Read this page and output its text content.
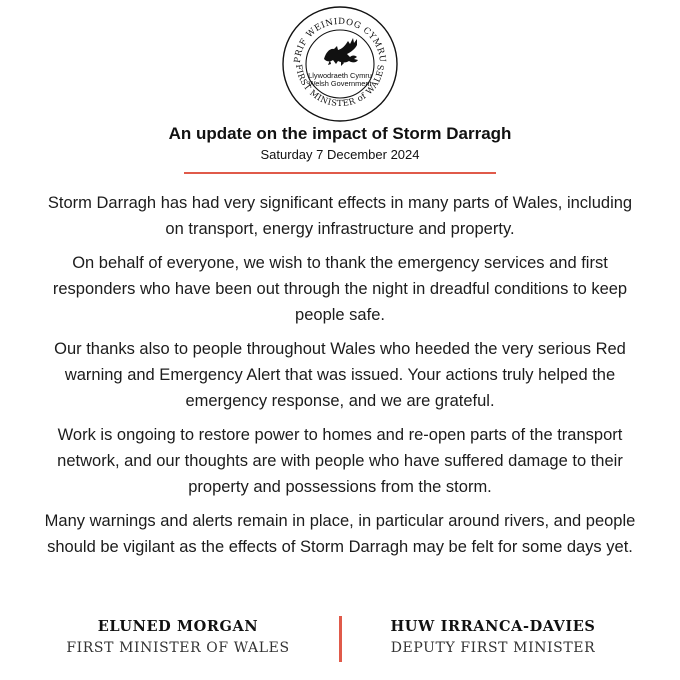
PRIF WEINIDOG CYMRU
FIRST MINISTER of WALES
Llywodraeth Cymru
Welsh Government
An update on the impact of Storm Darragh
Saturday 7 December 2024

Storm Darragh has had very significant effects in many parts of Wales, including on transport, energy infrastructure and property.

On behalf of everyone, we wish to thank the emergency services and first responders who have been out through the night in dreadful conditions to keep people safe.

Our thanks also to people throughout Wales who heeded the very serious Red warning and Emergency Alert that was issued. Your actions truly helped the emergency response, and we are grateful.

Work is ongoing to restore power to homes and re-open parts of the transport network, and our thoughts are with people who have suffered damage to their property and possessions from the storm.

Many warnings and alerts remain in place, in particular around rivers, and people should be vigilant as the effects of Storm Darragh may be felt for some days yet.

ELUNED MORGAN
FIRST MINISTER OF WALES
HUW IRRANCA-DAVIES
DEPUTY FIRST MINISTER
